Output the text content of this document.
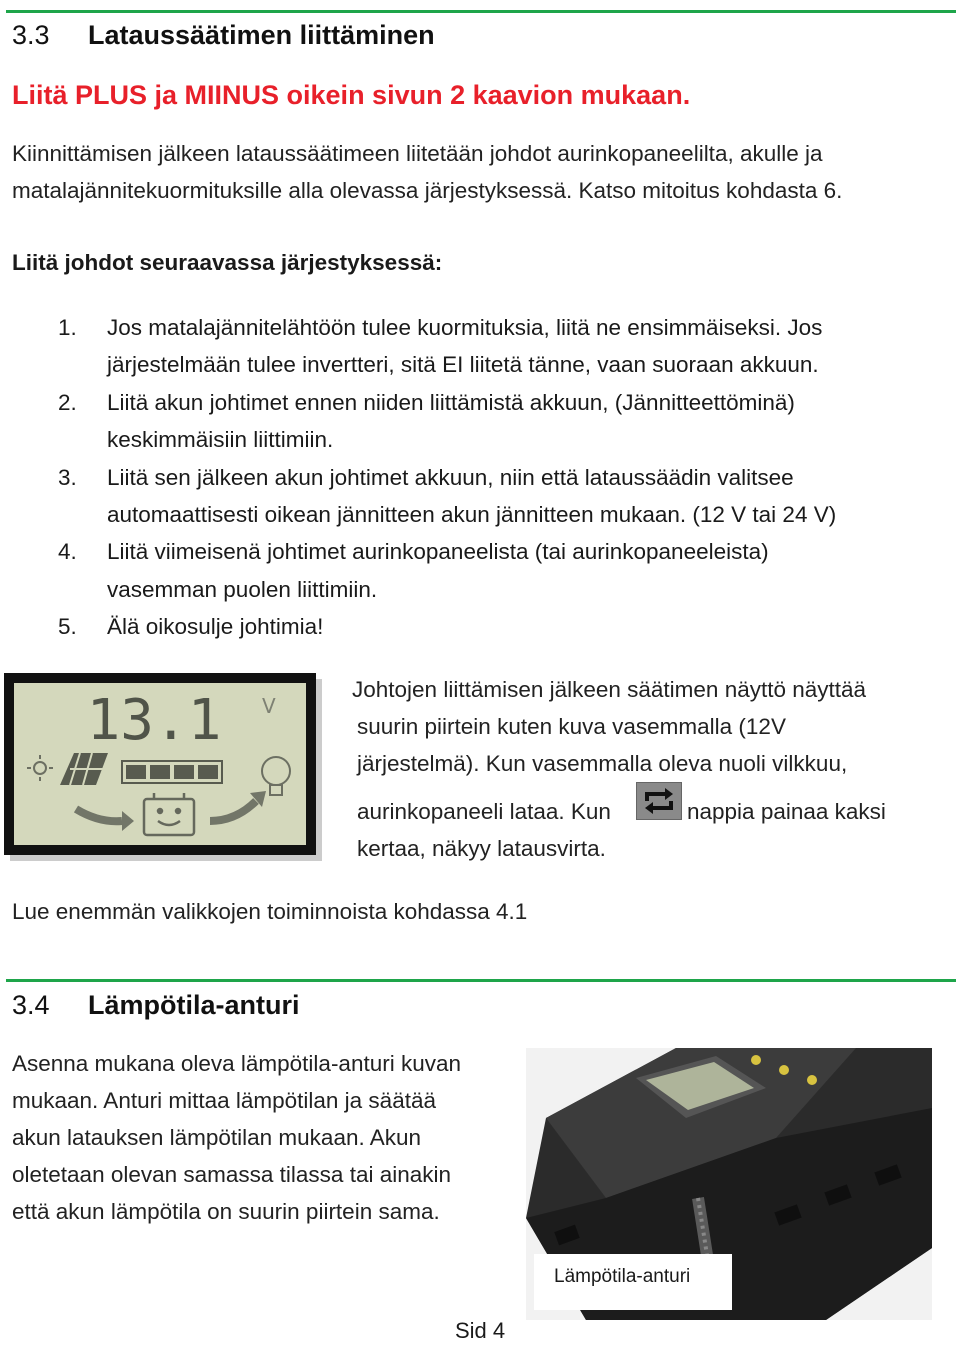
3.3 Lataussäätimen liittäminen
Liitä PLUS ja MIINUS oikein sivun 2 kaavion mukaan.
Kiinnittämisen jälkeen lataussäätimeen liitetään johdot aurinkopaneelilta, akulle ja
matalajännitekuormituksille alla olevassa järjestyksessä. Katso mitoitus kohdasta 6.
Liitä johdot seuraavassa järjestyksessä:
1. Jos matalajännitelähtöön tulee kuormituksia, liitä ne ensimmäiseksi. Jos
järjestelmään tulee invertteri, sitä EI liitetä tänne, vaan suoraan akkuun.
2. Liitä akun johtimet ennen niiden liittämistä akkuun, (Jännitteettöminä)
keskimmäisiin liittimiin.
3. Liitä sen jälkeen akun johtimet akkuun, niin että lataussäädin valitsee
automaattisesti oikean jännitteen akun jännitteen mukaan. (12 V tai 24 V)
4. Liitä viimeisenä johtimet aurinkopaneelista (tai aurinkopaneeleista)
vasemman puolen liittimiin.
5. Älä oikosulje johtimia!
13.1 V
Johtojen liittämisen jälkeen säätimen näyttö näyttää
suurin piirtein kuten kuva vasemmalla (12V
järjestelmä). Kun vasemmalla oleva nuoli vilkkuu,
aurinkopaneeli lataa. Kun	nappia painaa kaksi
kertaa, näkyy latausvirta.
Lue enemmän valikkojen toiminnoista kohdassa 4.1
3.4 Lämpötila-anturi
Asenna mukana oleva lämpötila-anturi kuvan
mukaan. Anturi mittaa lämpötilan ja säätää
akun latauksen lämpötilan mukaan. Akun
oletetaan olevan samassa tilassa tai ainakin
että akun lämpötila on suurin piirtein sama.
Lämpötila-anturi
Sid 4
